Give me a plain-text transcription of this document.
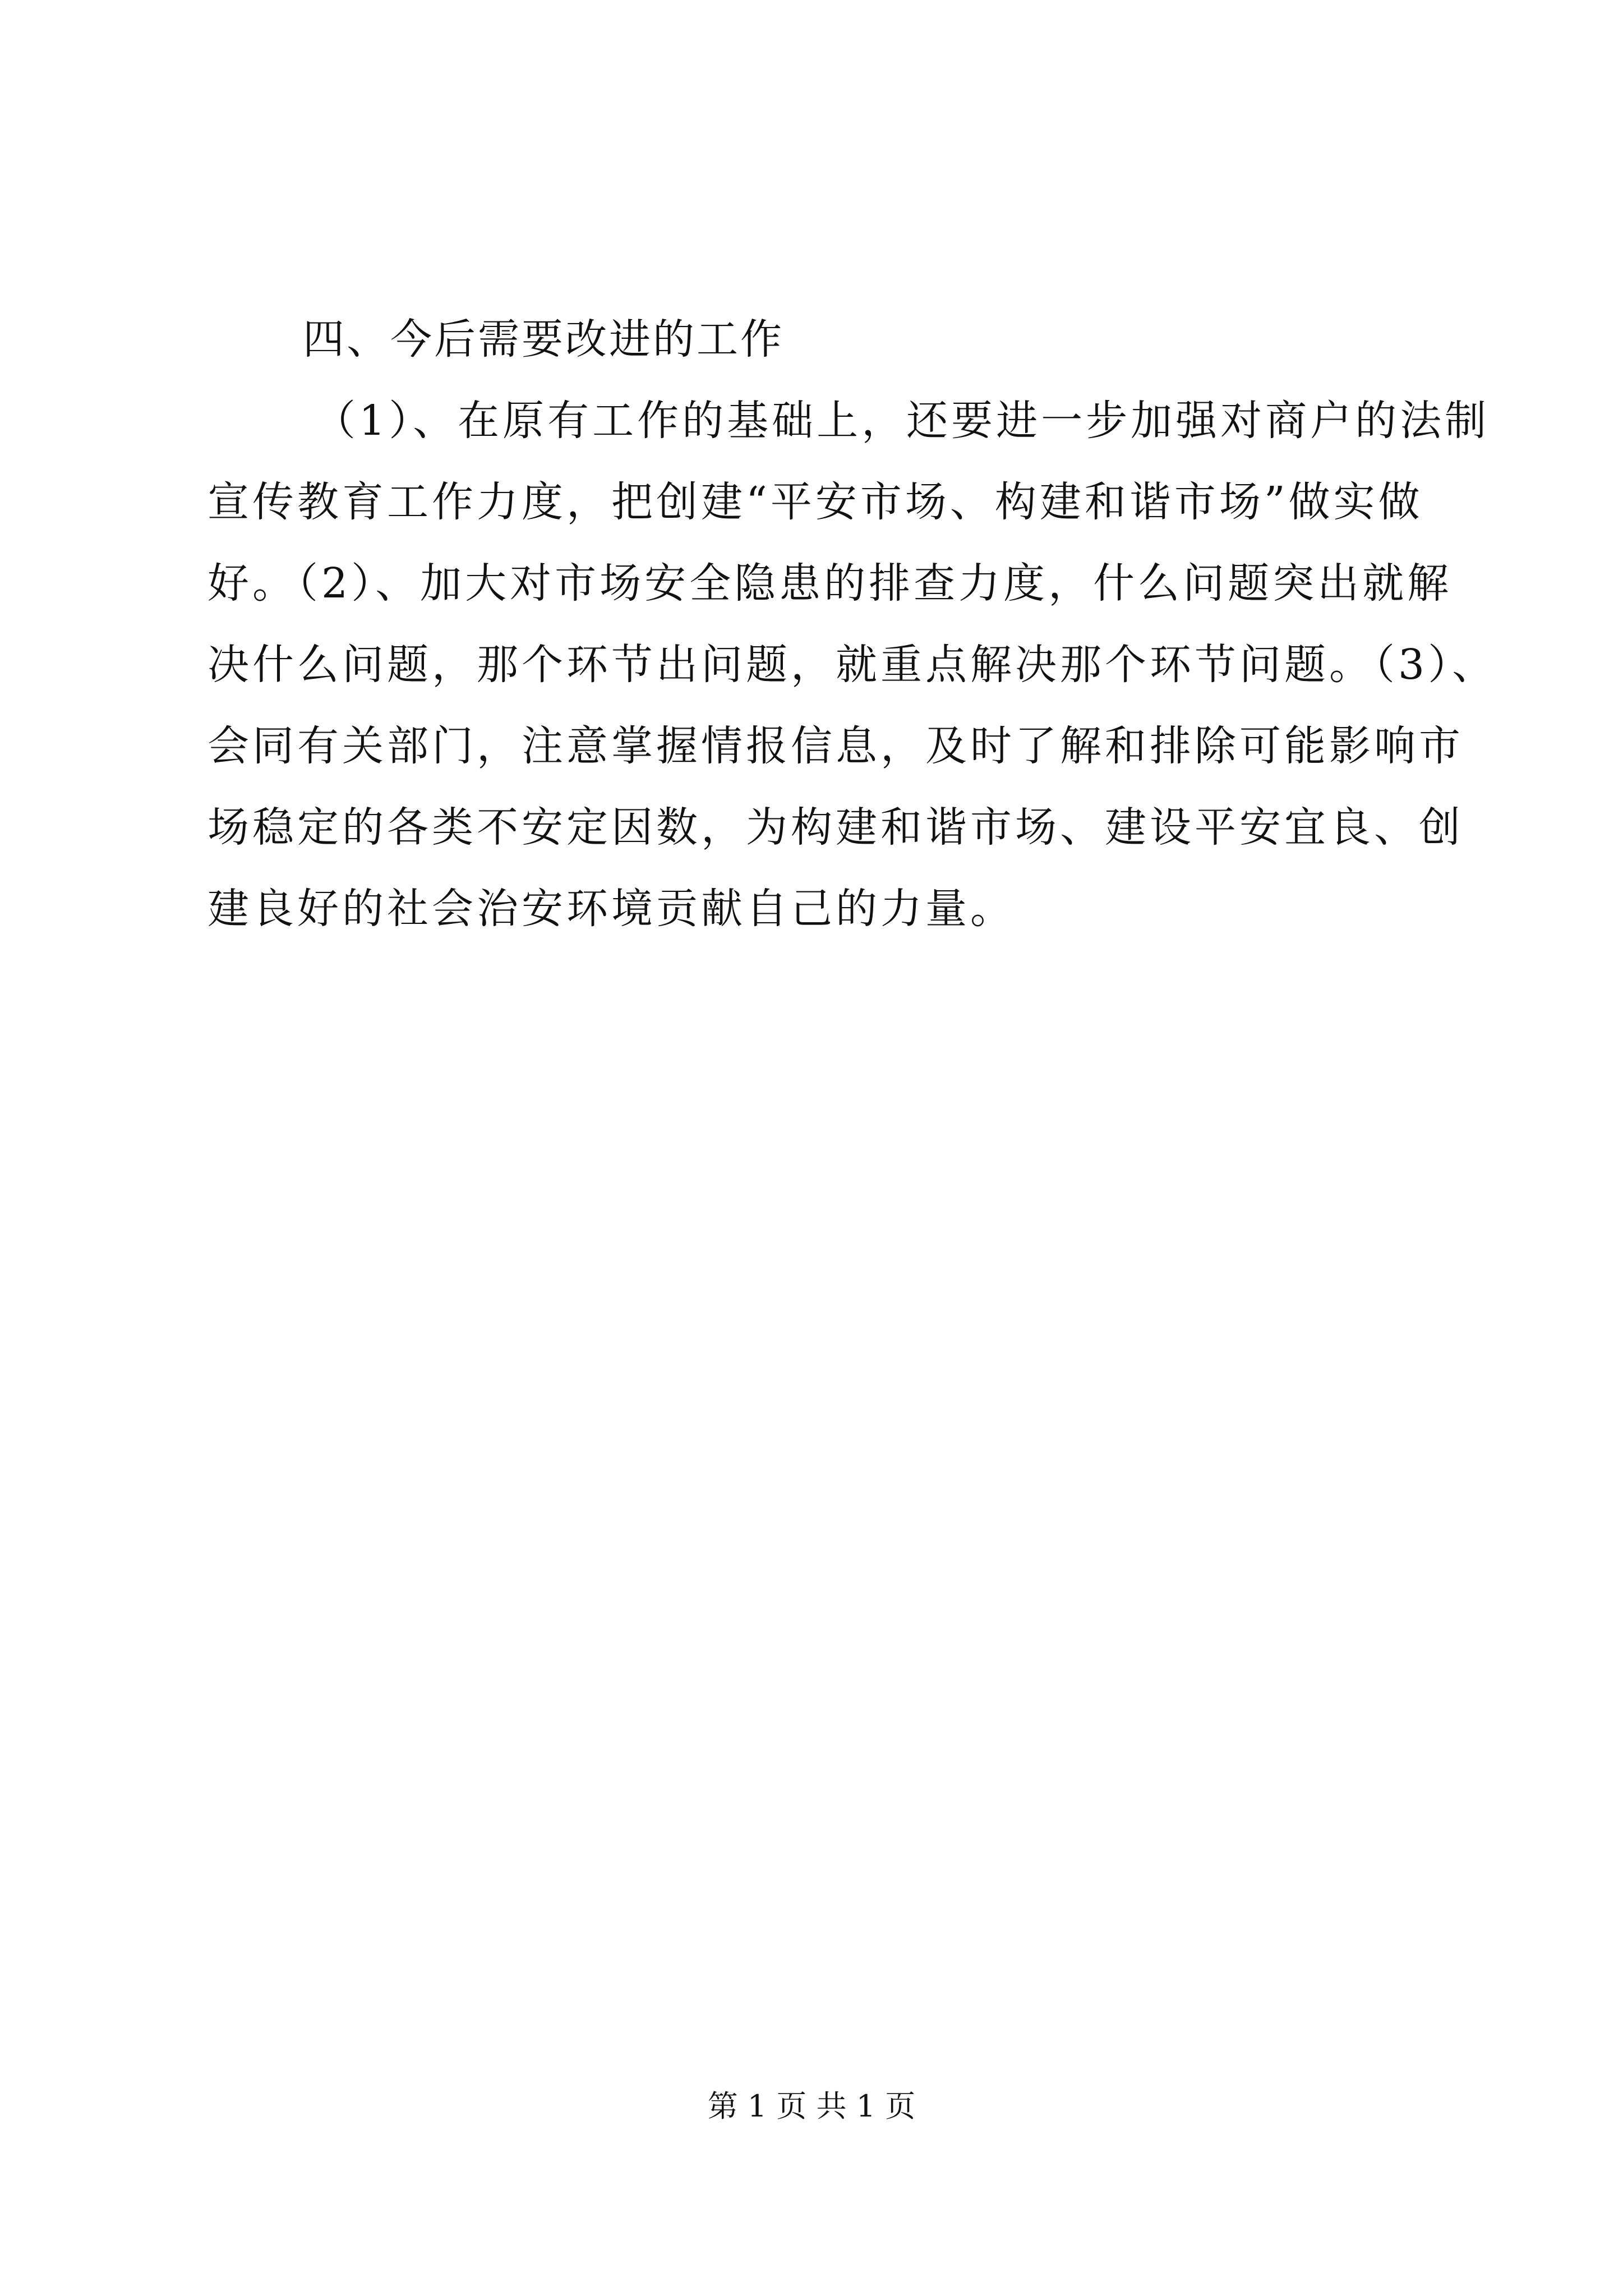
四、今后需要改进的工作
（1）、在原有工作的基础上，还要进一步加强对商户的法制
宣传教育工作力度，把创建“平安市场、构建和谐市场”做实做
好。（2）、加大对市场安全隐患的排查力度，什么问题突出就解
决什么问题，那个环节出问题，就重点解决那个环节问题。（3）、
会同有关部门，注意掌握情报信息，及时了解和排除可能影响市
场稳定的各类不安定因数，为构建和谐市场、建设平安宜良、创
建良好的社会治安环境贡献自己的力量。
第 1 页 共 1 页
